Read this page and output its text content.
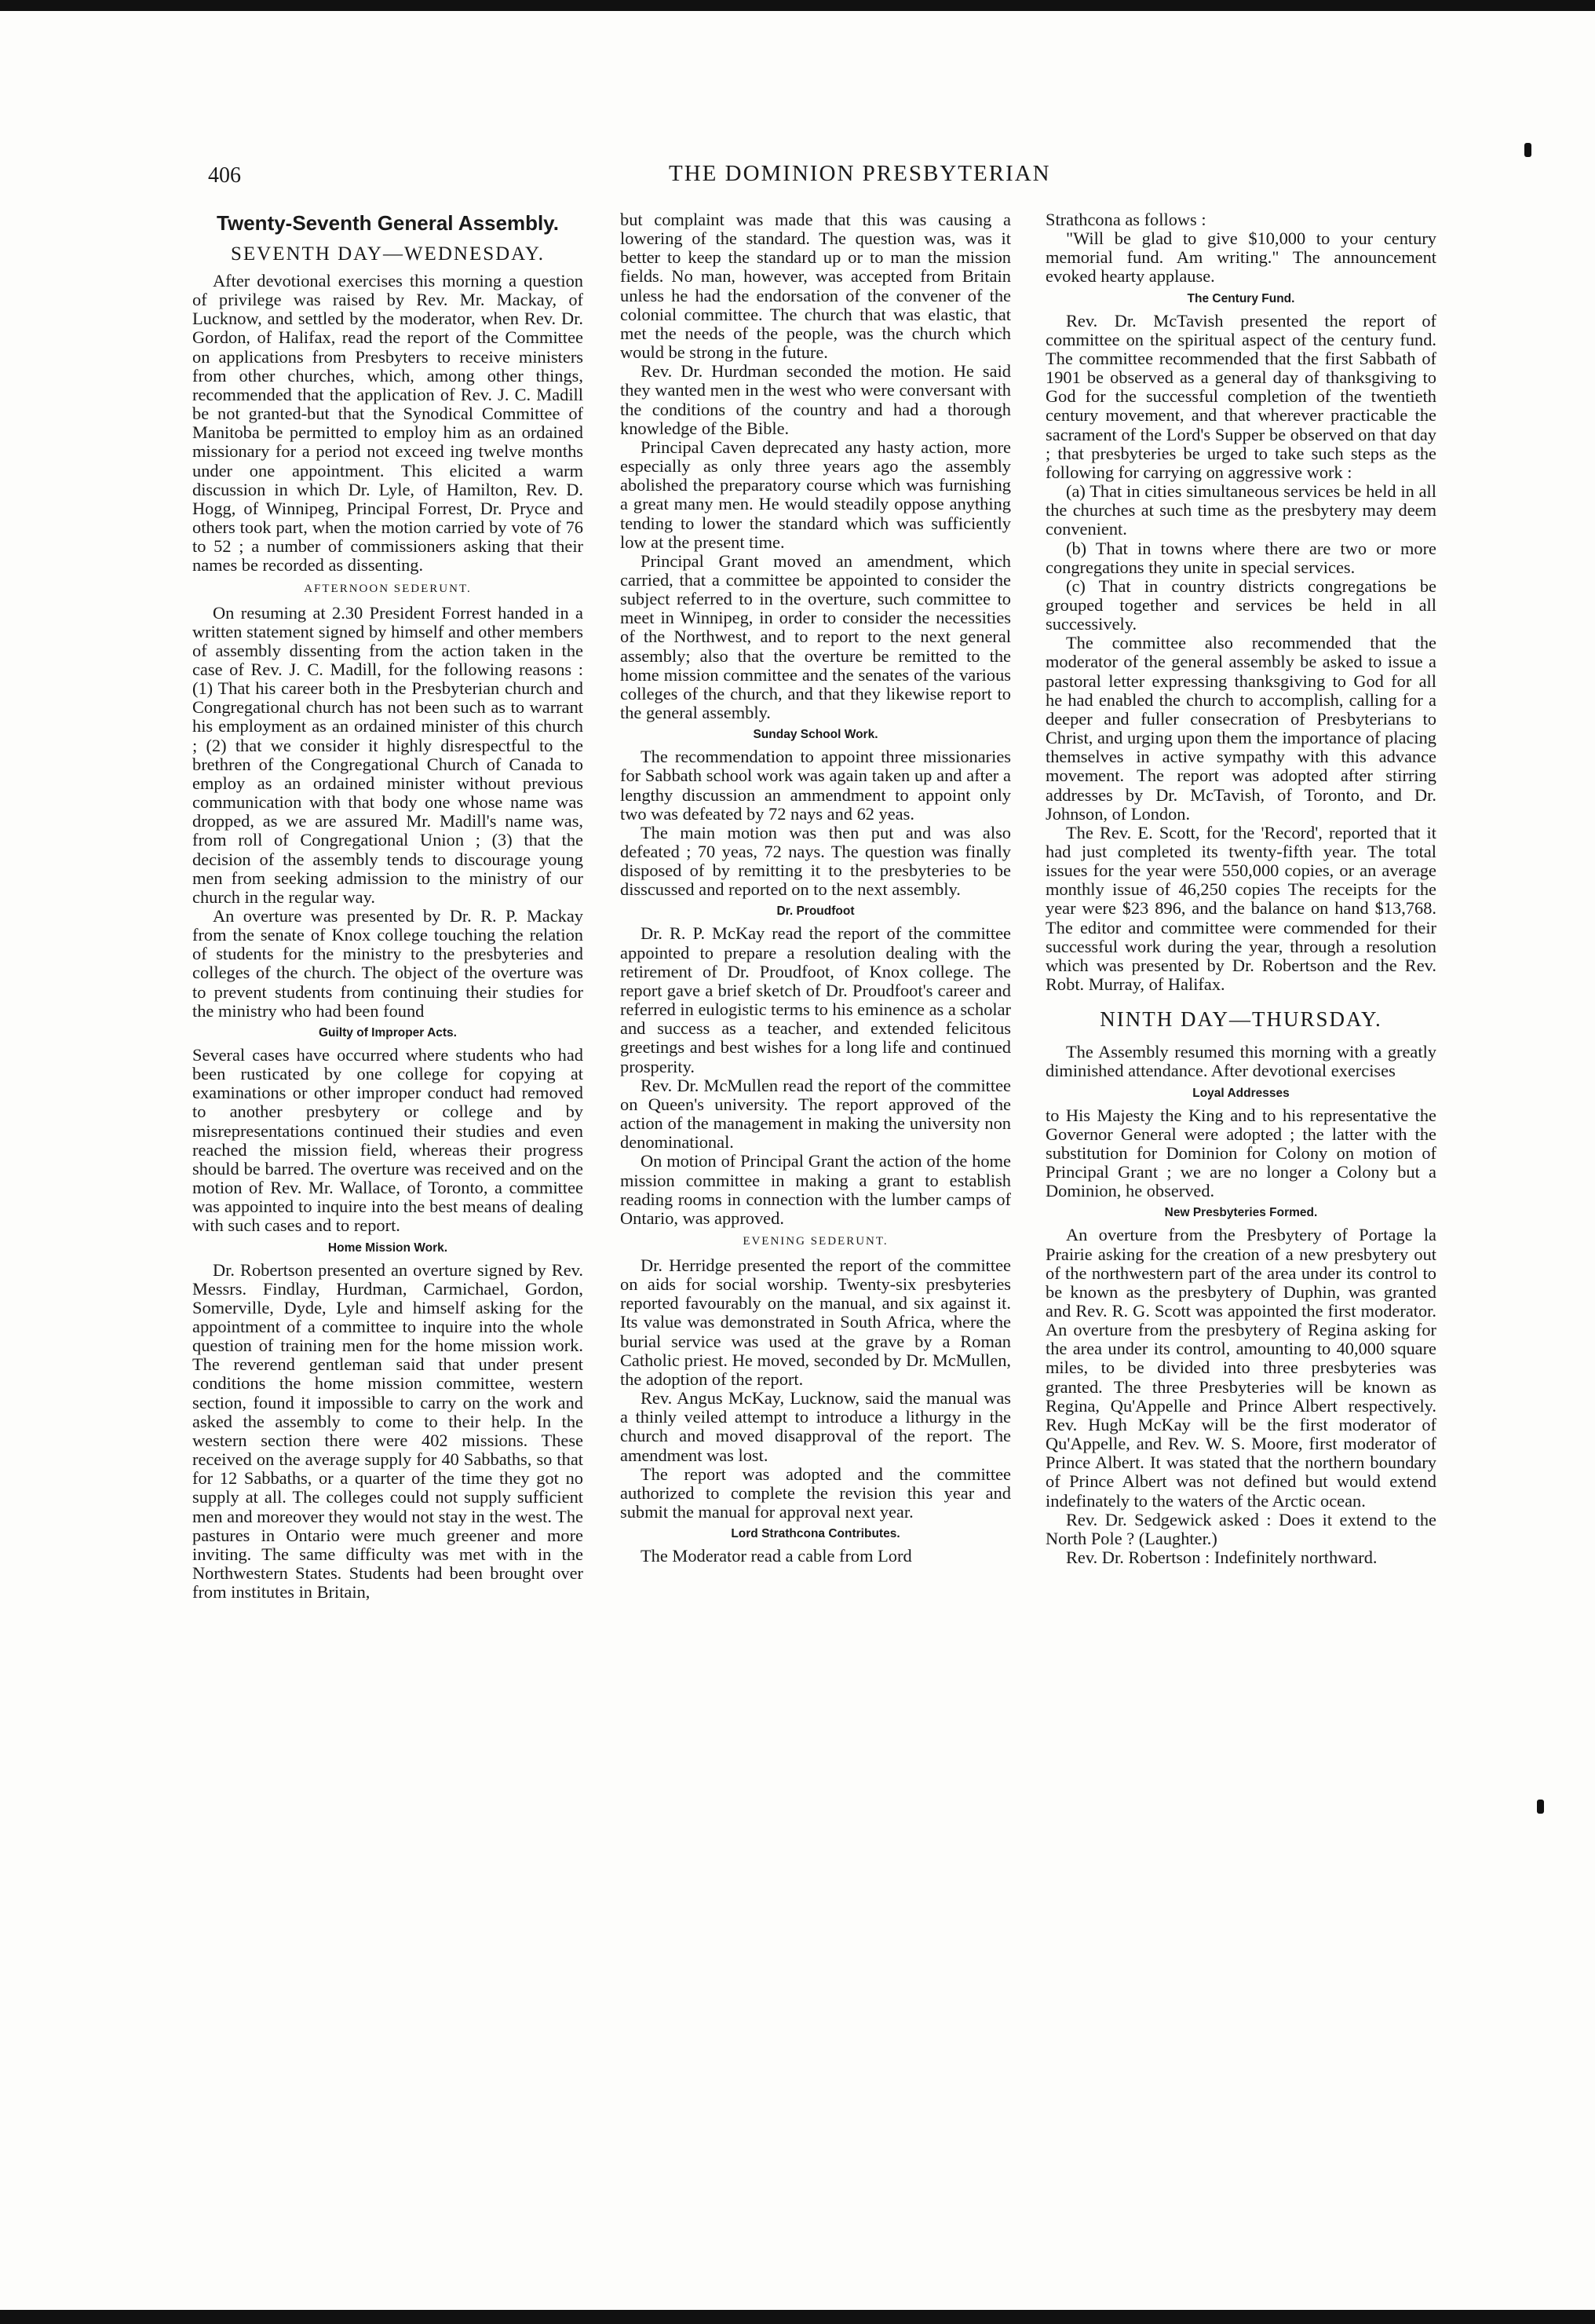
406	THE DOMINION PRESBYTERIAN
Twenty-Seventh General Assembly.
SEVENTH DAY—WEDNESDAY.

After devotional exercises this morning a question of privilege was raised by Rev. Mr. Mackay, of Lucknow, and settled by the moderator, when Rev. Dr. Gordon, of Halifax, read the report of the Committee on applications from Presbyters to receive ministers from other churches, which, among other things, recommended that the application of Rev. J. C. Madill be not granted-but that the Synodical Committee of Manitoba be permitted to employ him as an ordained missionary for a period not exceed ing twelve months under one appointment. This elicited a warm discussion in which Dr. Lyle, of Hamilton, Rev. D. Hogg, of Winnipeg, Principal Forrest, Dr. Pryce and others took part, when the motion carried by vote of 76 to 52 ; a number of commissioners asking that their names be recorded as dissenting.

AFTERNOON SEDERUNT.

On resuming at 2.30 President Forrest handed in a written statement signed by himself and other members of assembly dissenting from the action taken in the case of Rev. J. C. Madill, for the following reasons : (1) That his career both in the Presbyterian church and Congregational church has not been such as to warrant his employment as an ordained minister of this church ; (2) that we consider it highly disrespectful to the brethren of the Congregational Church of Canada to employ as an ordained minister without previous communication with that body one whose name was dropped, as we are assured Mr. Madill's name was, from roll of Congregational Union ; (3) that the decision of the assembly tends to discourage young men from seeking admission to the ministry of our church in the regular way.

An overture was presented by Dr. R. P. Mackay from the senate of Knox college touching the relation of students for the ministry to the presbyteries and colleges of the church. The object of the overture was to prevent students from continuing their studies for the ministry who had been found

Guilty of Improper Acts.

Several cases have occurred where students who had been rusticated by one college for copying at examinations or other improper conduct had removed to another presbytery or college and by misrepresentations continued their studies and even reached the mission field, whereas their progress should be barred. The overture was received and on the motion of Rev. Mr. Wallace, of Toronto, a committee was appointed to inquire into the best means of dealing with such cases and to report.

Home Mission Work.

Dr. Robertson presented an overture signed by Rev. Messrs. Findlay, Hurdman, Carmichael, Gordon, Somerville, Dyde, Lyle and himself asking for the appointment of a committee to inquire into the whole question of training men for the home mission work. The reverend gentleman said that under present conditions the home mission committee, western section, found it impossible to carry on the work and asked the assembly to come to their help. In the western section there were 402 missions. These received on the average supply for 40 Sabbaths, so that for 12 Sabbaths, or a quarter of the time they got no supply at all. The colleges could not supply sufficient men and moreover they would not stay in the west. The pastures in Ontario were much greener and more inviting. The same difficulty was met with in the Northwestern States. Students had been brought over from institutes in Britain,

but complaint was made that this was causing a lowering of the standard. The question was, was it better to keep the standard up or to man the mission fields. No man, however, was accepted from Britain unless he had the endorsation of the convener of the colonial committee. The church that was elastic, that met the needs of the people, was the church which would be strong in the future.

Rev. Dr. Hurdman seconded the motion. He said they wanted men in the west who were conversant with the conditions of the country and had a thorough knowledge of the Bible.

Principal Caven deprecated any hasty action, more especially as only three years ago the assembly abolished the preparatory course which was furnishing a great many men. He would steadily oppose anything tending to lower the standard which was sufficiently low at the present time.

Principal Grant moved an amendment, which carried, that a committee be appointed to consider the subject referred to in the overture, such committee to meet in Winnipeg, in order to consider the necessities of the Northwest, and to report to the next general assembly; also that the overture be remitted to the home mission committee and the senates of the various colleges of the church, and that they likewise report to the general assembly.

Sunday School Work.

The recommendation to appoint three missionaries for Sabbath school work was again taken up and after a lengthy discussion an ammendment to appoint only two was defeated by 72 nays and 62 yeas.

The main motion was then put and was also defeated ; 70 yeas, 72 nays. The question was finally disposed of by remitting it to the presbyteries to be disscussed and reported on to the next assembly.

Dr. Proudfoot

Dr. R. P. McKay read the report of the committee appointed to prepare a resolution dealing with the retirement of Dr. Proudfoot, of Knox college. The report gave a brief sketch of Dr. Proudfoot's career and referred in eulogistic terms to his eminence as a scholar and success as a teacher, and extended felicitous greetings and best wishes for a long life and continued prosperity.

Rev. Dr. McMullen read the report of the committee on Queen's university. The report approved of the action of the management in making the university non denominational.

On motion of Principal Grant the action of the home mission committee in making a grant to establish reading rooms in connection with the lumber camps of Ontario, was approved.

EVENING SEDERUNT.

Dr. Herridge presented the report of the committee on aids for social worship. Twenty-six presbyteries reported favourably on the manual, and six against it. Its value was demonstrated in South Africa, where the burial service was used at the grave by a Roman Catholic priest. He moved, seconded by Dr. McMullen, the adoption of the report.

Rev. Angus McKay, Lucknow, said the manual was a thinly veiled attempt to introduce a lithurgy in the church and moved disapproval of the report. The amendment was lost.

The report was adopted and the committee authorized to complete the revision this year and submit the manual for approval next year.

Lord Strathcona Contributes.

The Moderator read a cable from Lord

Strathcona as follows :

"Will be glad to give $10,000 to your century memorial fund. Am writing." The announcement evoked hearty applause.

The Century Fund.

Rev. Dr. McTavish presented the report of committee on the spiritual aspect of the century fund. The committee recommended that the first Sabbath of 1901 be observed as a general day of thanksgiving to God for the successful completion of the twentieth century movement, and that wherever practicable the sacrament of the Lord's Supper be observed on that day ; that presbyteries be urged to take such steps as the following for carrying on aggressive work :

(a) That in cities simultaneous services be held in all the churches at such time as the presbytery may deem convenient.

(b) That in towns where there are two or more congregations they unite in special services.

(c) That in country districts congregations be grouped together and services be held in all successively.

The committee also recommended that the moderator of the general assembly be asked to issue a pastoral letter expressing thanksgiving to God for all he had enabled the church to accomplish, calling for a deeper and fuller consecration of Presbyterians to Christ, and urging upon them the importance of placing themselves in active sympathy with this advance movement. The report was adopted after stirring addresses by Dr. McTavish, of Toronto, and Dr. Johnson, of London.

The Rev. E. Scott, for the 'Record', reported that it had just completed its twenty-fifth year. The total issues for the year were 550,000 copies, or an average monthly issue of 46,250 copies The receipts for the year were $23 896, and the balance on hand $13,768. The editor and committee were commended for their successful work during the year, through a resolution which was presented by Dr. Robertson and the Rev. Robt. Murray, of Halifax.

NINTH DAY—THURSDAY.

The Assembly resumed this morning with a greatly diminished attendance. After devotional exercises

Loyal Addresses

to His Majesty the King and to his representative the Governor General were adopted ; the latter with the substitution for Dominion for Colony on motion of Principal Grant ; we are no longer a Colony but a Dominion, he observed.

New Presbyteries Formed.

An overture from the Presbytery of Portage la Prairie asking for the creation of a new presbytery out of the northwestern part of the area under its control to be known as the presbytery of Duphin, was granted and Rev. R. G. Scott was appointed the first moderator. An overture from the presbytery of Regina asking for the area under its control, amounting to 40,000 square miles, to be divided into three presbyteries was granted. The three Presbyteries will be known as Regina, Qu'Appelle and Prince Albert respectively. Rev. Hugh McKay will be the first moderator of Qu'Appelle, and Rev. W. S. Moore, first moderator of Prince Albert. It was stated that the northern boundary of Prince Albert was not defined but would extend indefinately to the waters of the Arctic ocean.

Rev. Dr. Sedgewick asked : Does it extend to the North Pole ? (Laughter.)

Rev. Dr. Robertson : Indefinitely northward.
